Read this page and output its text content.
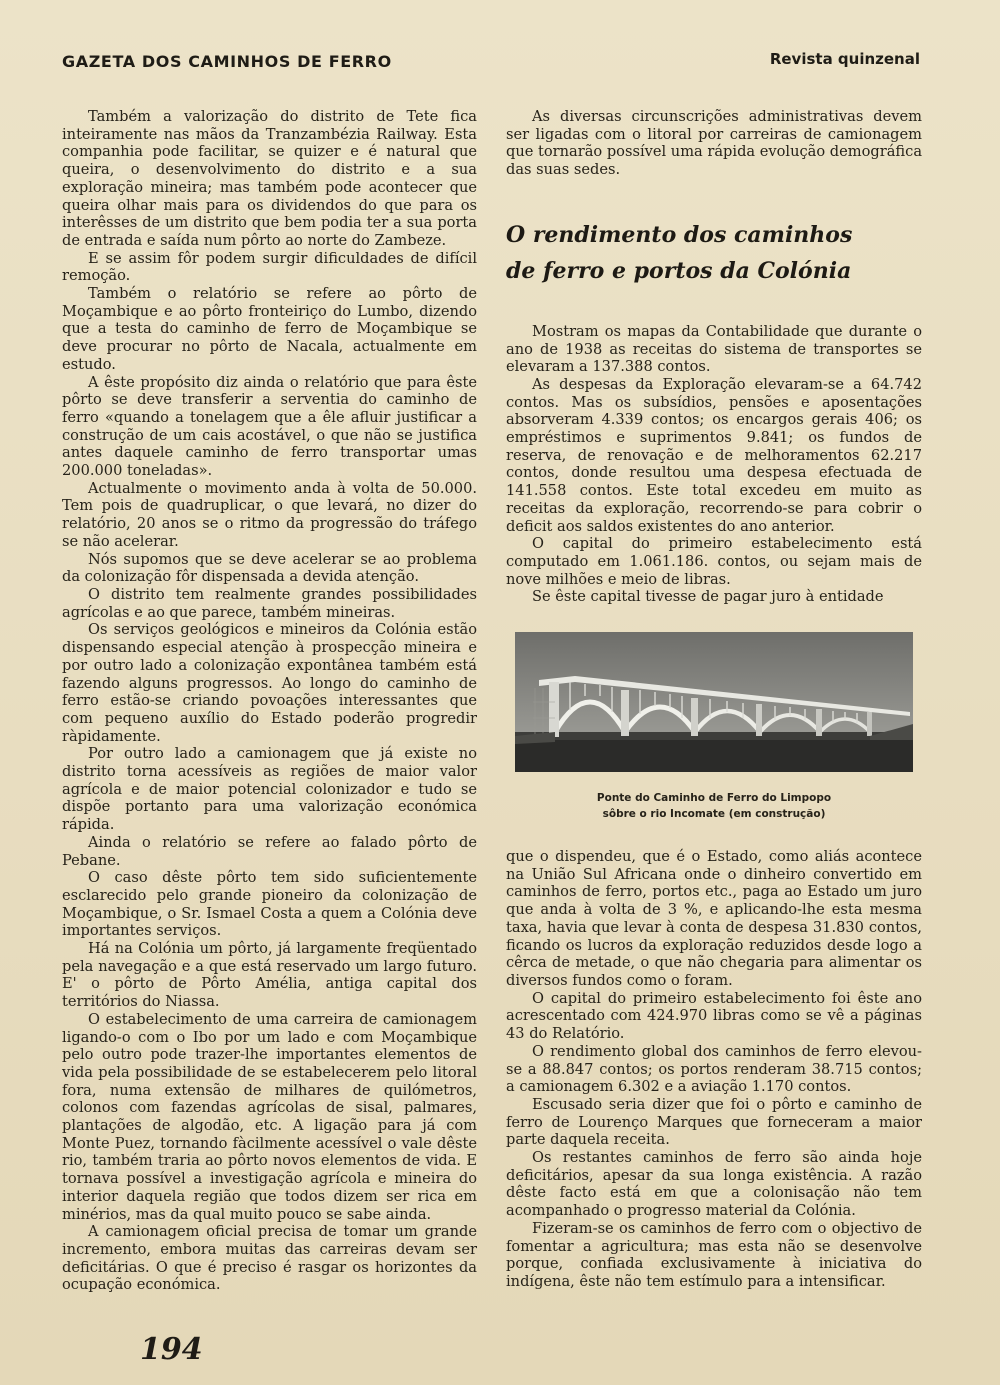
GAZETA DOS CAMINHOS DE FERRO	Revista quinzenal

Também a valorização do distrito de Tete fica inteiramente nas mãos da Tranzambézia Railway. Esta companhia pode facilitar, se quizer e é natural que queira, o desenvolvimento do distrito e a sua exploração mineira; mas também pode acontecer que queira olhar mais para os dividendos do que para os interêsses de um distrito que bem podia ter a sua porta de entrada e saída num pôrto ao norte do Zambeze.

E se assim fôr podem surgir dificuldades de difícil remoção.

Também o relatório se refere ao pôrto de Moçambique e ao pôrto fronteiriço do Lumbo, dizendo que a testa do caminho de ferro de Moçambique se deve procurar no pôrto de Nacala, actualmente em estudo.

A êste propósito diz ainda o relatório que para êste pôrto se deve transferir a serventia do caminho de ferro «quando a tonelagem que a êle afluir justificar a construção de um cais acostável, o que não se justifica antes daquele caminho de ferro transportar umas 200.000 toneladas».

Actualmente o movimento anda à volta de 50.000. Tem pois de quadruplicar, o que levará, no dizer do relatório, 20 anos se o ritmo da progressão do tráfego se não acelerar.

Nós supomos que se deve acelerar se ao problema da colonização fôr dispensada a devida atenção.

O distrito tem realmente grandes possibilidades agrícolas e ao que parece, também mineiras.

Os serviços geológicos e mineiros da Colónia estão dispensando especial atenção à prospecção mineira e por outro lado a colonização expontânea também está fazendo alguns progressos. Ao longo do caminho de ferro estão-se criando povoações interessantes que com pequeno auxílio do Estado poderão progredir ràpidamente.

Por outro lado a camionagem que já existe no distrito torna acessíveis as regiões de maior valor agrícola e de maior potencial colonizador e tudo se dispõe portanto para uma valorização económica rápida.

Ainda o relatório se refere ao falado pôrto de Pebane.

O caso dêste pôrto tem sido suficientemente esclarecido pelo grande pioneiro da colonização de Moçambique, o Sr. Ismael Costa a quem a Colónia deve importantes serviços.

Há na Colónia um pôrto, já largamente freqüentado pela navegação e a que está reservado um largo futuro. E' o pôrto de Pôrto Amélia, antiga capital dos territórios do Niassa.

O estabelecimento de uma carreira de camionagem ligando-o com o Ibo por um lado e com Moçambique pelo outro pode trazer-lhe importantes elementos de vida pela possibilidade de se estabelecerem pelo litoral fora, numa extensão de milhares de quilómetros, colonos com fazendas agrícolas de sisal, palmares, plantações de algodão, etc. A ligação para já com Monte Puez, tornando fàcilmente acessível o vale dêste rio, também traria ao pôrto novos elementos de vida. E tornava possível a investigação agrícola e mineira do interior daquela região que todos dizem ser rica em minérios, mas da qual muito pouco se sabe ainda.

A camionagem oficial precisa de tomar um grande incremento, embora muitas das carreiras devam ser deficitárias. O que é preciso é rasgar os horizontes da ocupação económica.

As diversas circunscrições administrativas devem ser ligadas com o litoral por carreiras de camionagem que tornarão possível uma rápida evolução demográfica das suas sedes.

O rendimento dos caminhos
de ferro e portos da Colónia

Mostram os mapas da Contabilidade que durante o ano de 1938 as receitas do sistema de transportes se elevaram a 137.388 contos.

As despesas da Exploração elevaram-se a 64.742 contos. Mas os subsídios, pensões e aposentações absorveram 4.339 contos; os encargos gerais 406; os empréstimos e suprimentos 9.841; os fundos de reserva, de renovação e de melhoramentos 62.217 contos, donde resultou uma despesa efectuada de 141.558 contos. Este total excedeu em muito as receitas da exploração, recorrendo-se para cobrir o deficit aos saldos existentes do ano anterior.

O capital do primeiro estabelecimento está computado em 1.061.186. contos, ou sejam mais de nove milhões e meio de libras.

Se êste capital tivesse de pagar juro à entidade

Ponte do Caminho de Ferro do Limpopo
sôbre o rio Incomate (em construção)

que o dispendeu, que é o Estado, como aliás acontece na União Sul Africana onde o dinheiro convertido em caminhos de ferro, portos etc., paga ao Estado um juro que anda à volta de 3 %, e aplicando-lhe esta mesma taxa, havia que levar à conta de despesa 31.830 contos, ficando os lucros da exploração reduzidos desde logo a cêrca de metade, o que não chegaria para alimentar os diversos fundos como o foram.

O capital do primeiro estabelecimento foi êste ano acrescentado com 424.970 libras como se vê a páginas 43 do Relatório.

O rendimento global dos caminhos de ferro elevou-se a 88.847 contos; os portos renderam 38.715 contos; a camionagem 6.302 e a aviação 1.170 contos.

Escusado seria dizer que foi o pôrto e caminho de ferro de Lourenço Marques que forneceram a maior parte daquela receita.

Os restantes caminhos de ferro são ainda hoje deficitários, apesar da sua longa existência. A razão dêste facto está em que a colonisação não tem acompanhado o progresso material da Colónia.

Fizeram-se os caminhos de ferro com o objectivo de fomentar a agricultura; mas esta não se desenvolve porque, confiada exclusivamente à iniciativa do indígena, êste não tem estímulo para a intensificar.

194
